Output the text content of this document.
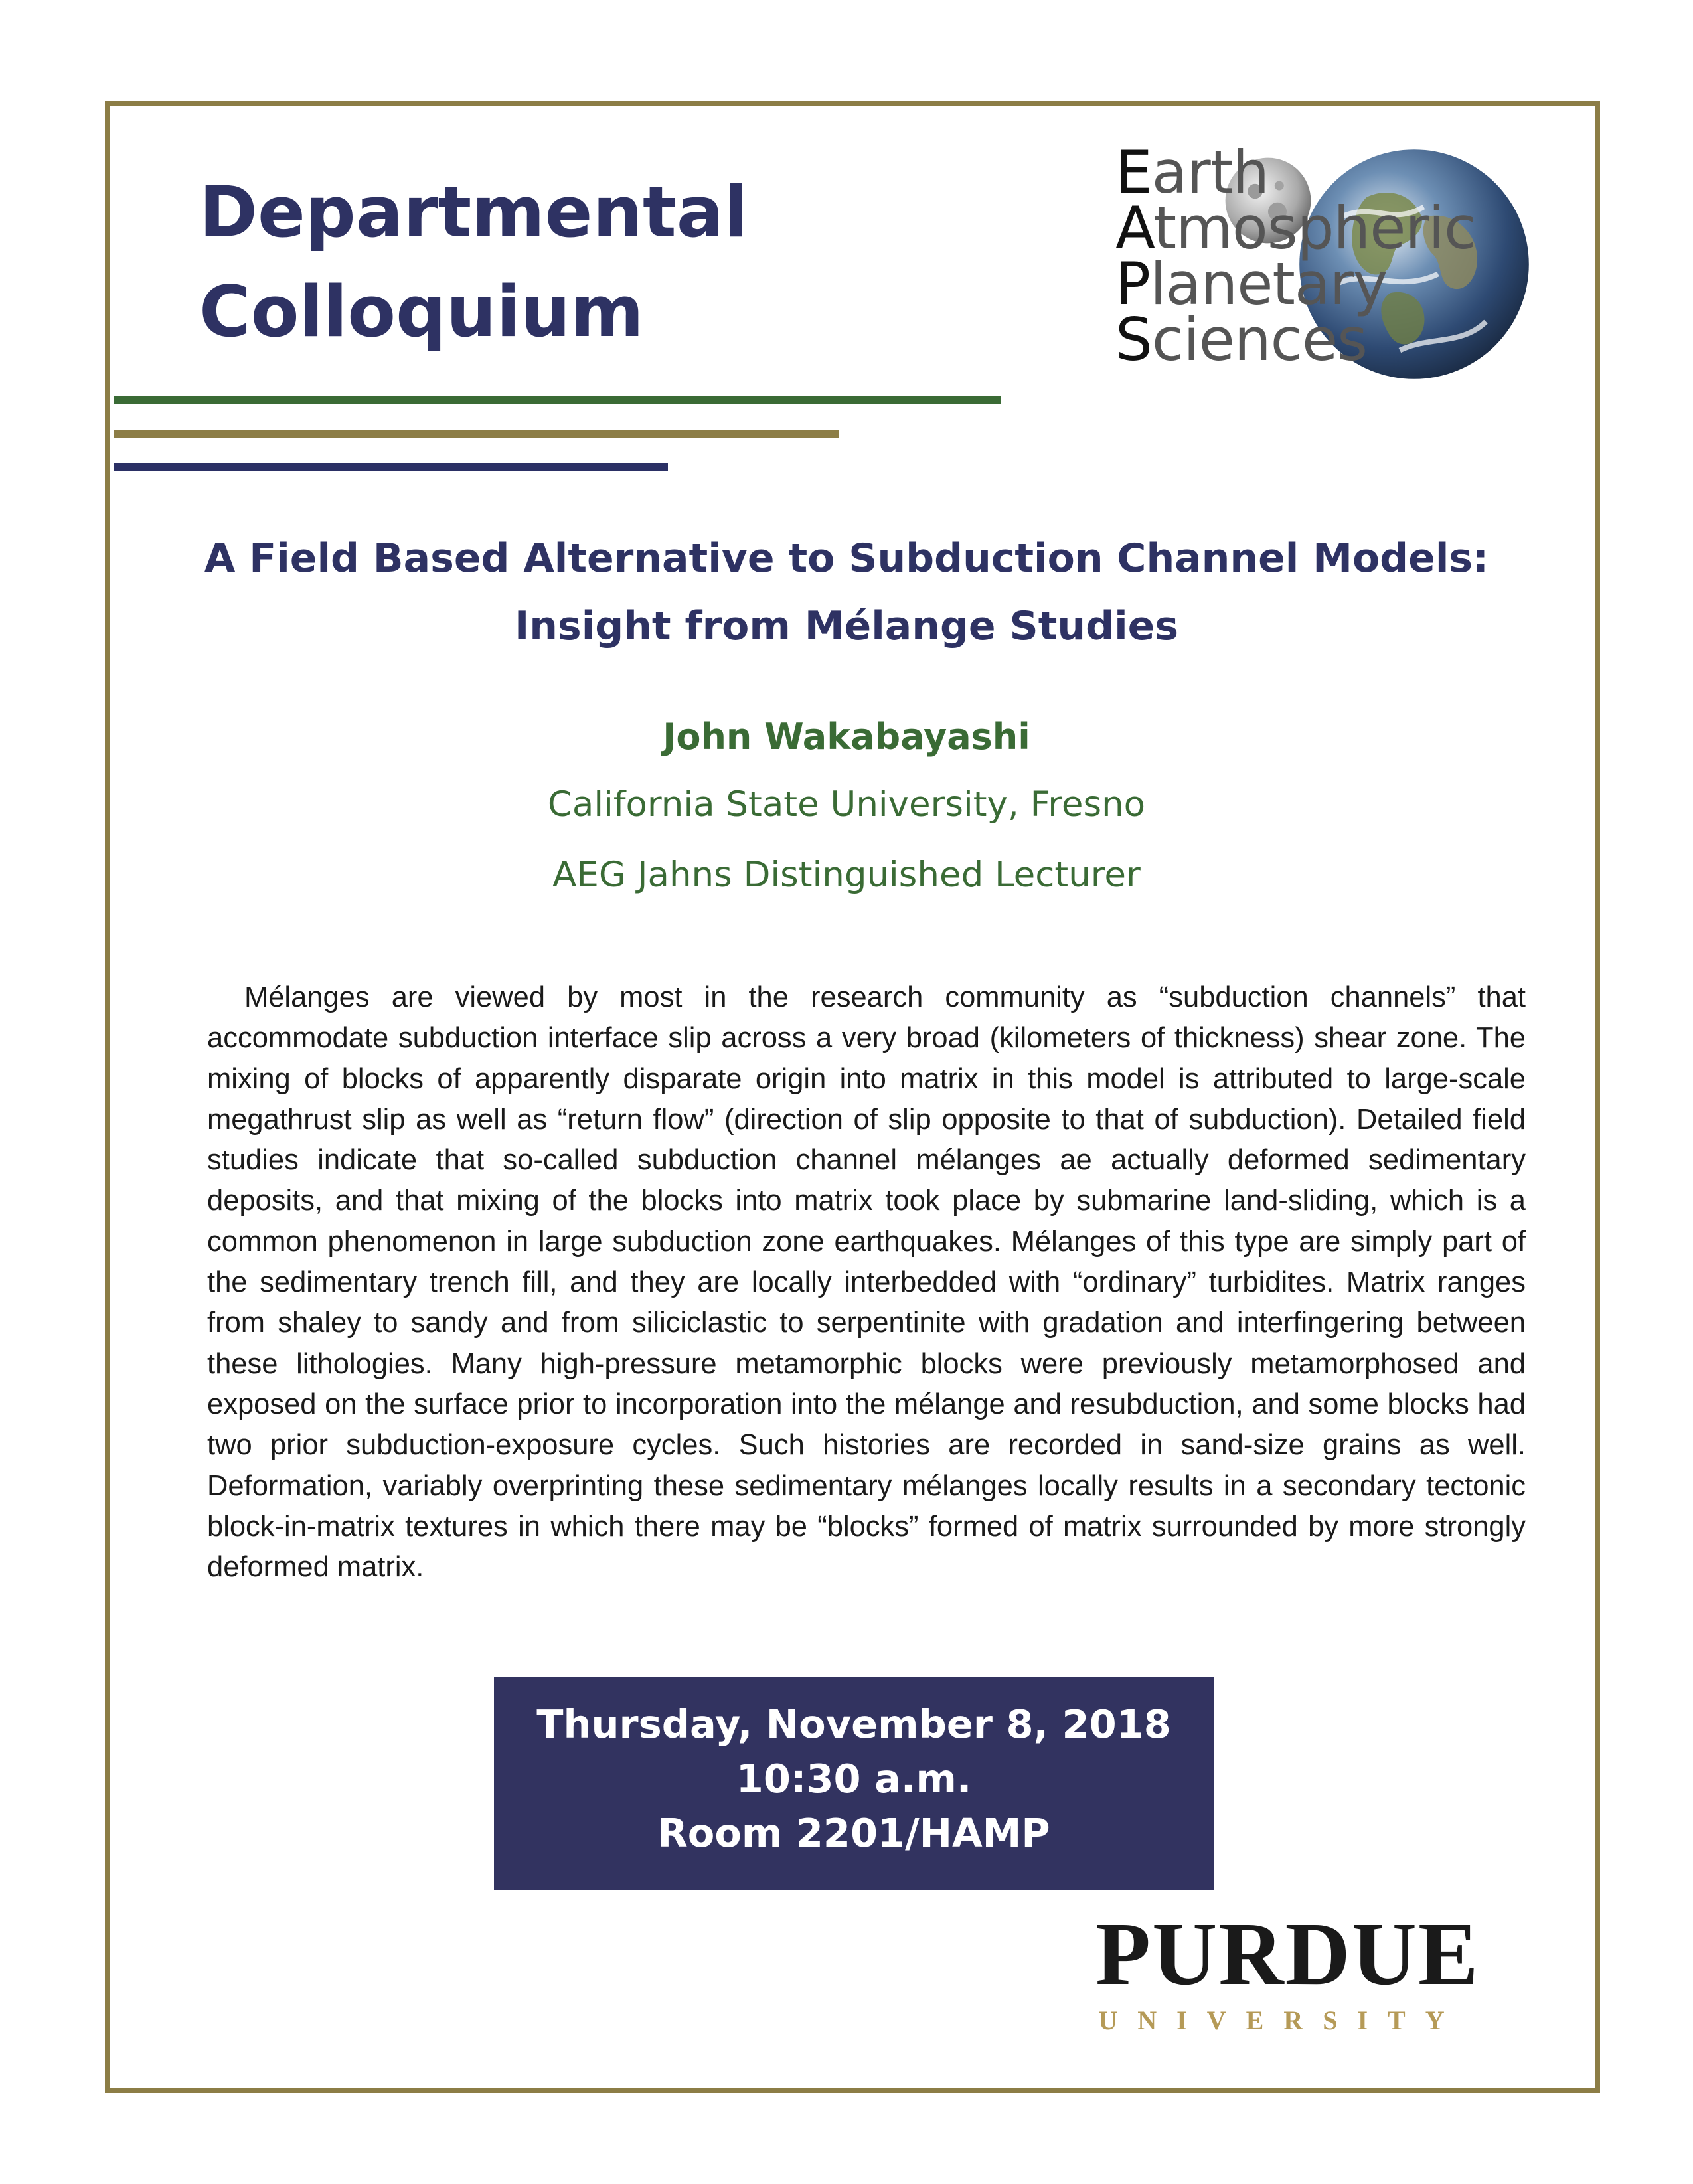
Departmental
Colloquium
Earth
Atmospheric
Planetary
Sciences
A Field Based Alternative to Subduction Channel Models:
Insight from Mélange Studies
John Wakabayashi
California State University, Fresno
AEG Jahns Distinguished Lecturer

Mélanges are viewed by most in the research community as “subduction channels” that accommodate subduction interface slip across a very broad (kilometers of thickness) shear zone. The mixing of blocks of apparently disparate origin into matrix in this model is attributed to large-scale megathrust slip as well as “return flow” (direction of slip opposite to that of subduction). Detailed field studies indicate that so-called subduction channel mélanges ae actually deformed sedimentary deposits, and that mixing of the blocks into matrix took place by submarine land-sliding, which is a common phenomenon in large subduction zone earthquakes. Mélanges of this type are simply part of the sedimentary trench fill, and they are locally interbedded with “ordinary” turbidites. Matrix ranges from shaley to sandy and from siliciclastic to serpentinite with gradation and interfingering between these lithologies. Many high-pressure metamorphic blocks were previously metamorphosed and exposed on the surface prior to incorporation into the mélange and resubduction, and some blocks had two prior subduction-exposure cycles. Such histories are recorded in sand-size grains as well. Deformation, variably overprinting these sedimentary mélanges locally results in a secondary tectonic block-in-matrix textures in which there may be “blocks” formed of matrix surrounded by more strongly deformed matrix.

Thursday, November 8, 2018
10:30 a.m.
Room 2201/HAMP
PURDUE
UNIVERSITY
